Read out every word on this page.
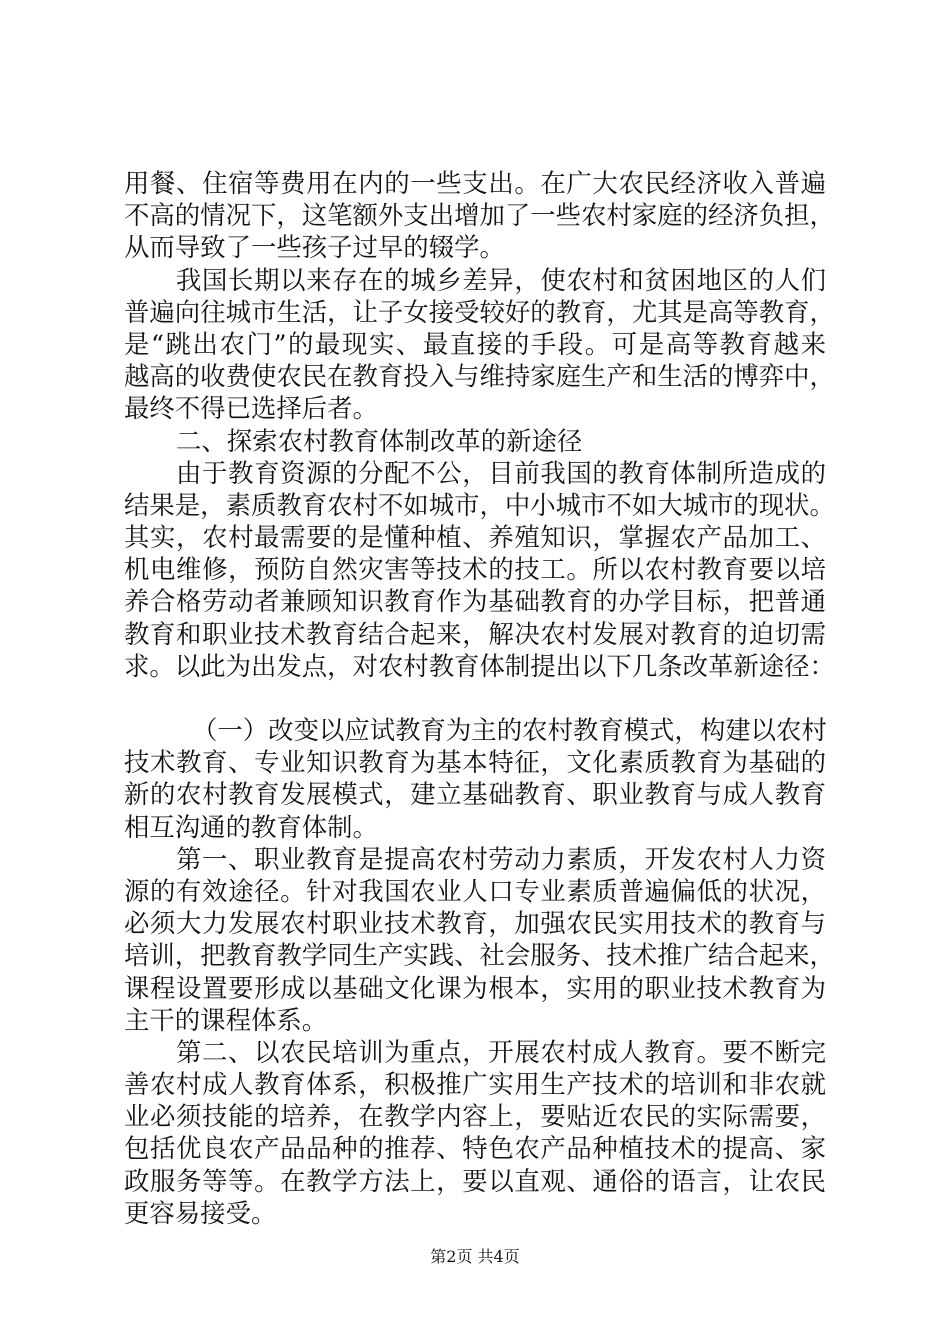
用餐、住宿等费用在内的一些支出。在广大农民经济收入普遍
不高的情况下，这笔额外支出增加了一些农村家庭的经济负担，
从而导致了一些孩子过早的辍学。
我国长期以来存在的城乡差异，使农村和贫困地区的人们
普遍向往城市生活，让子女接受较好的教育，尤其是高等教育，
是“跳出农门”的最现实、最直接的手段。可是高等教育越来
越高的收费使农民在教育投入与维持家庭生产和生活的博弈中，
最终不得已选择后者。
二、探索农村教育体制改革的新途径
由于教育资源的分配不公，目前我国的教育体制所造成的
结果是，素质教育农村不如城市，中小城市不如大城市的现状。
其实，农村最需要的是懂种植、养殖知识，掌握农产品加工、
机电维修，预防自然灾害等技术的技工。所以农村教育要以培
养合格劳动者兼顾知识教育作为基础教育的办学目标，把普通
教育和职业技术教育结合起来，解决农村发展对教育的迫切需
求。以此为出发点，对农村教育体制提出以下几条改革新途径：
（一）改变以应试教育为主的农村教育模式，构建以农村
技术教育、专业知识教育为基本特征，文化素质教育为基础的
新的农村教育发展模式，建立基础教育、职业教育与成人教育
相互沟通的教育体制。
第一、职业教育是提高农村劳动力素质，开发农村人力资
源的有效途径。针对我国农业人口专业素质普遍偏低的状况，
必须大力发展农村职业技术教育，加强农民实用技术的教育与
培训，把教育教学同生产实践、社会服务、技术推广结合起来，
课程设置要形成以基础文化课为根本，实用的职业技术教育为
主干的课程体系。
第二、以农民培训为重点，开展农村成人教育。要不断完
善农村成人教育体系，积极推广实用生产技术的培训和非农就
业必须技能的培养，在教学内容上，要贴近农民的实际需要，
包括优良农产品品种的推荐、特色农产品种植技术的提高、家
政服务等等。在教学方法上，要以直观、通俗的语言，让农民
更容易接受。
第2页 共4页
